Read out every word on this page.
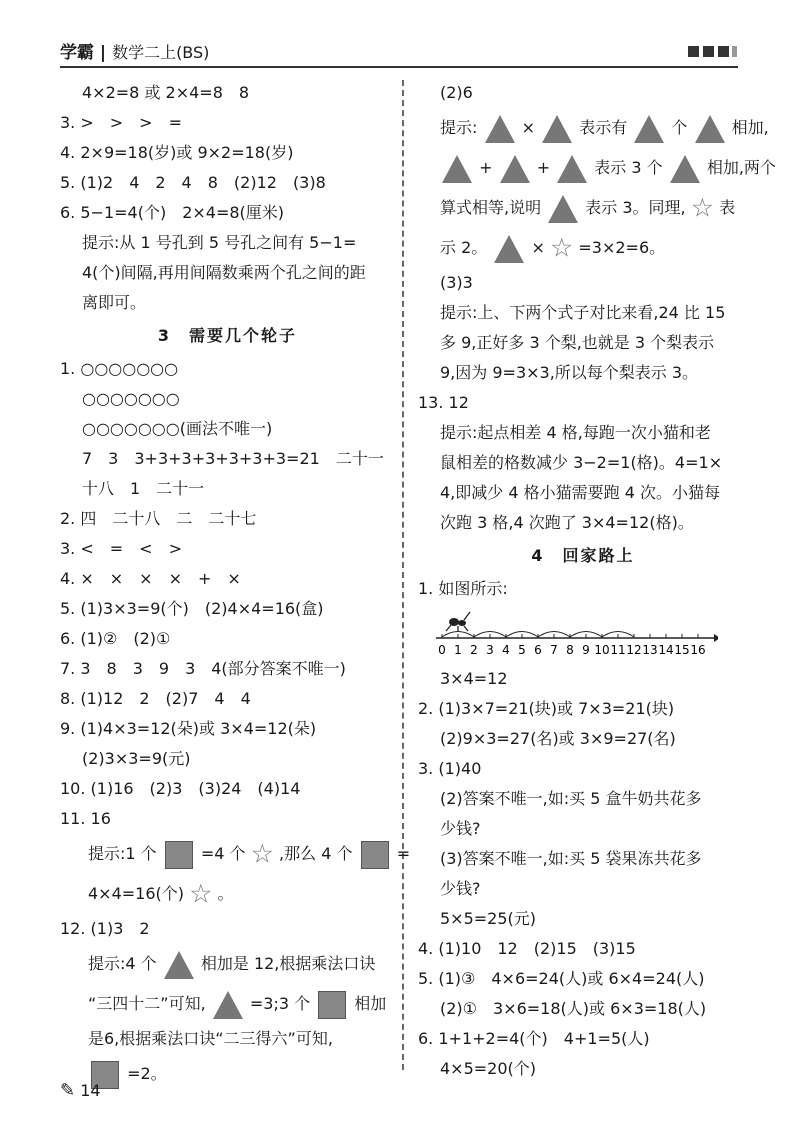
学霸 | 数学二上(BS)
4×2=8 或 2×4=8　8
3. >　>　>　=
4. 2×9=18(岁)或 9×2=18(岁)
5. (1)2　4　2　4　8　(2)12　(3)8
6. 5−1=4(个)　2×4=8(厘米)
提示:从 1 号孔到 5 号孔之间有 5−1=
4(个)间隔,再用间隔数乘两个孔之间的距
离即可。
3　需要几个轮子
1. ○○○○○○○
○○○○○○○
○○○○○○○(画法不唯一)
7　3　3+3+3+3+3+3+3=21　二十一
十八　1　二十一
2. 四　二十八　二　二十七
3. <　=　<　>
4. ×　×　×　×　+　×
5. (1)3×3=9(个)　(2)4×4=16(盒)
6. (1)②　(2)①
7. 3　8　3　9　3　4(部分答案不唯一)
8. (1)12　2　(2)7　4　4
9. (1)4×3=12(朵)或 3×4=12(朵)
(2)3×3=9(元)
10. (1)16　(2)3　(3)24　(4)14
11. 16
提示:1 个	=4 个 ☆ ,那么 4 个	=
4×4=16(个) ☆ 。
12. (1)3　2
提示:4 个	相加是 12,根据乘法口诀
“三四十二”可知,	=3;3 个	相加
是6,根据乘法口诀“二三得六”可知,
=2。
(2)6
提示:	×	表示有	个	相加,
+	+	表示 3 个	相加,两个
算式相等,说明	表示 3。同理, ☆ 表
示 2。	× ☆ =3×2=6。
(3)3
提示:上、下两个式子对比来看,24 比 15
多 9,正好多 3 个梨,也就是 3 个梨表示
9,因为 9=3×3,所以每个梨表示 3。
13. 12
提示:起点相差 4 格,每跑一次小猫和老
鼠相差的格数减少 3−2=1(格)。4=1×
4,即减少 4 格小猫需要跑 4 次。小猫每
次跑 3 格,4 次跑了 3×4=12(格)。
4　回家路上
1. 如图所示:
0 1 2 3 4 5 6 7 8 9 10 11 12 13 14 15 16
3×4=12
2. (1)3×7=21(块)或 7×3=21(块)
(2)9×3=27(名)或 3×9=27(名)
3. (1)40
(2)答案不唯一,如:买 5 盒牛奶共花多
少钱?
(3)答案不唯一,如:买 5 袋果冻共花多
少钱?
5×5=25(元)
4. (1)10　12　(2)15　(3)15
5. (1)③　4×6=24(人)或 6×4=24(人)
(2)①　3×6=18(人)或 6×3=18(人)
6. 1+1+2=4(个)　4+1=5(人)
4×5=20(个)
✎ 14
